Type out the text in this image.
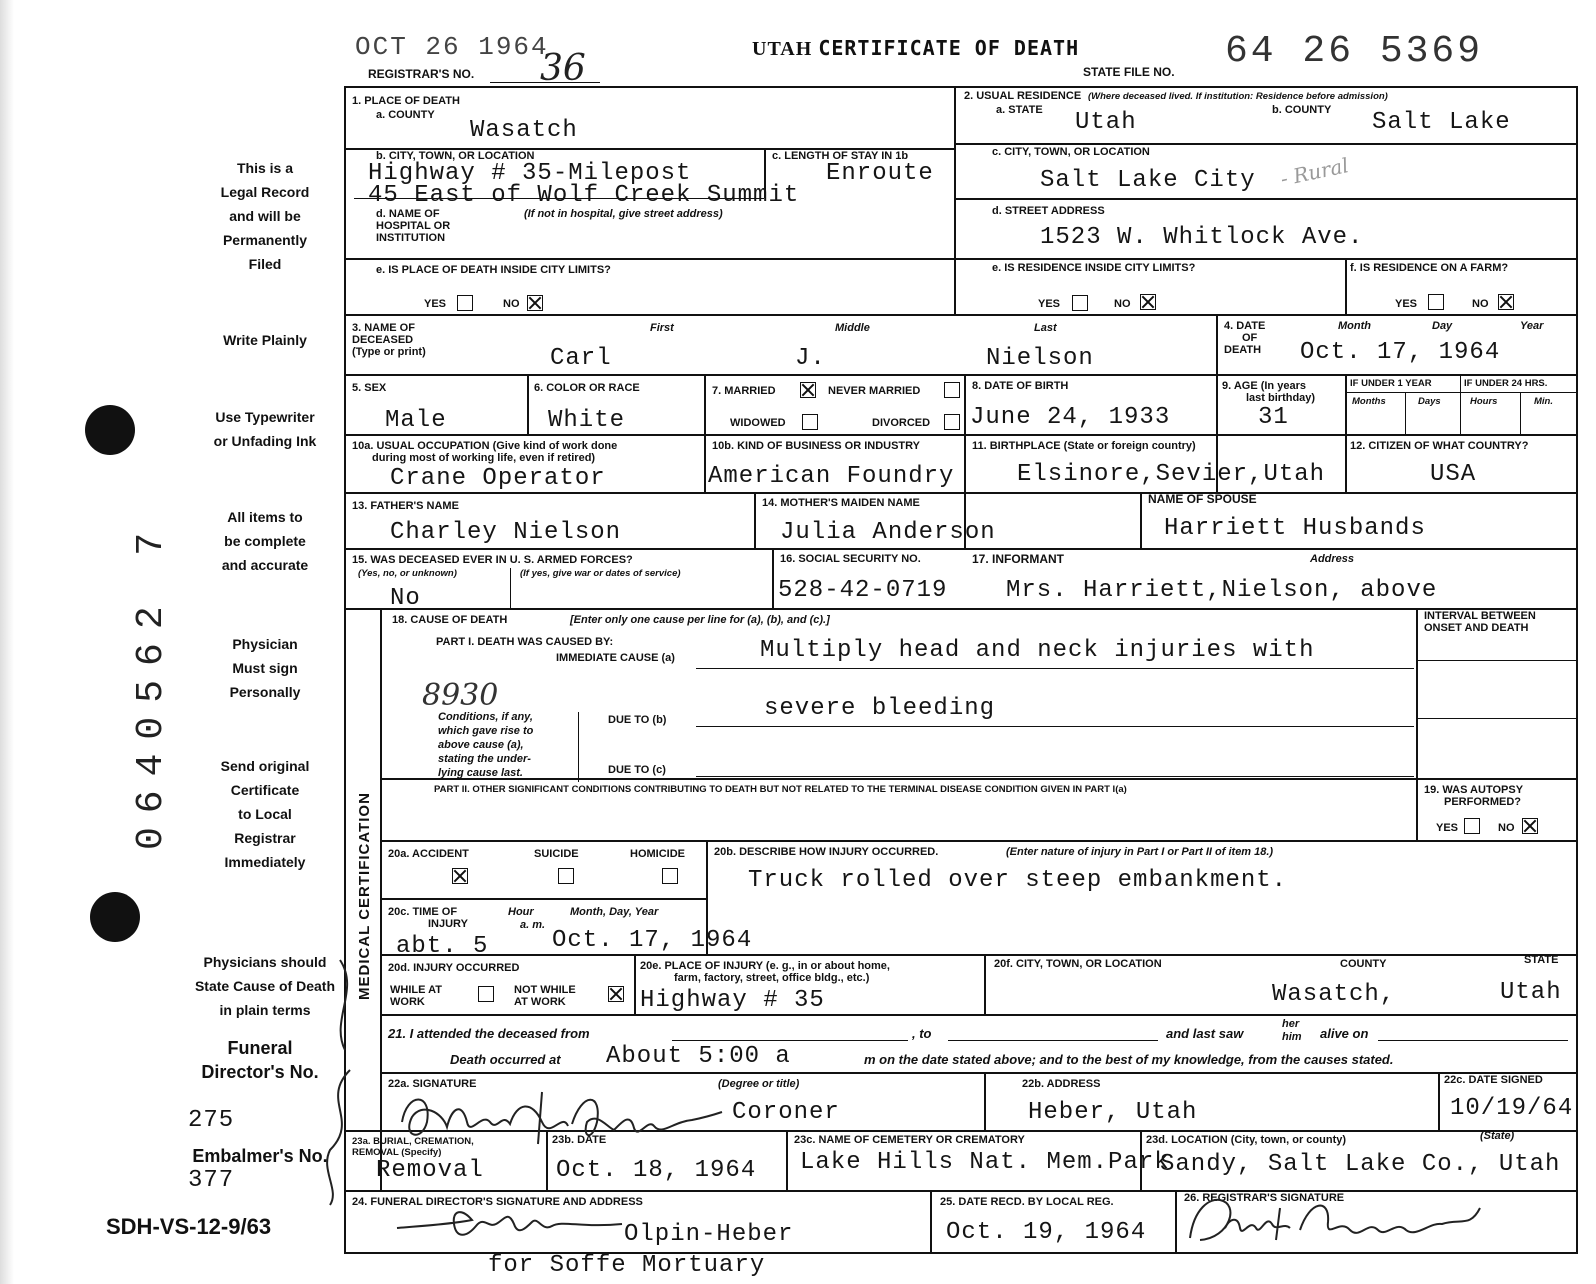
OCT 26 1964
REGISTRAR'S NO. 36	UTAH CERTIFICATE OF DEATH
STATE FILE NO. 64 26 5369
This is a
Legal Record
and will be
Permanently
Filed
Write Plainly
Use Typewriter
or Unfading Ink
All items to
be complete
and accurate
Physician
Must sign
Personally
Send original
Certificate
to Local
Registrar
Immediately
Physicians should
State Cause of Death
in plain terms
Funeral
Director's No.
275
Embalmer's No.
377
SDH-VS-12-9/63
0640562 7
MEDICAL CERTIFICATION
1. PLACE OF DEATH
a. COUNTY
Wasatch
b. CITY, TOWN, OR LOCATION
Highway # 35-Milepost
45 East of Wolf Creek Summit
c. LENGTH OF STAY IN 1b
Enroute
d. NAME OF
HOSPITAL OR
INSTITUTION
(If not in hospital, give street address)
e. IS PLACE OF DEATH INSIDE CITY LIMITS?
YES	NO
2. USUAL RESIDENCE (Where deceased lived. If institution: Residence before admission)
a. STATE Utah	b. COUNTY Salt Lake
c. CITY, TOWN, OR LOCATION
Salt Lake City - Rural
d. STREET ADDRESS
1523 W. Whitlock Ave.
e. IS RESIDENCE INSIDE CITY LIMITS?
YES	NO
f. IS RESIDENCE ON A FARM?
YES	NO
3. NAME OF
DECEASED
(Type or print)
First	Middle	Last
Carl	J.	Nielson
4. DATE
OF
DEATH
Month	Day	Year
Oct. 17, 1964
5. SEX
Male
6. COLOR OR RACE
White
7. MARRIED	NEVER MARRIED
WIDOWED	DIVORCED
8. DATE OF BIRTH
June 24, 1933
9. AGE (In years
last birthday)
31
IF UNDER 1 YEAR	IF UNDER 24 HRS.
Months	Days	Hours	Min.
10a. USUAL OCCUPATION (Give kind of work done
during most of working life, even if retired)
Crane Operator
10b. KIND OF BUSINESS OR INDUSTRY
American Foundry
11. BIRTHPLACE (State or foreign country)
Elsinore,Sevier,Utah
12. CITIZEN OF WHAT COUNTRY?
USA
13. FATHER'S NAME
Charley Nielson
14. MOTHER'S MAIDEN NAME
Julia Anderson
NAME OF SPOUSE
Harriett Husbands
15. WAS DECEASED EVER IN U. S. ARMED FORCES?
(Yes, no, or unknown)	(If yes, give war or dates of service)
No
16. SOCIAL SECURITY NO.
528-42-0719
17. INFORMANT	Address
Mrs. Harriett,Nielson, above
18. CAUSE OF DEATH	[Enter only one cause per line for (a), (b), and (c).]
PART I. DEATH WAS CAUSED BY:
IMMEDIATE CAUSE (a)	Multiply head and neck injuries with
8930
Conditions, if any,
which gave rise to
above cause (a),
stating the under-
lying cause last.
DUE TO (b)	severe bleeding
DUE TO (c)
PART II. OTHER SIGNIFICANT CONDITIONS CONTRIBUTING TO DEATH BUT NOT RELATED TO THE TERMINAL DISEASE CONDITION GIVEN IN PART I(a)
INTERVAL BETWEEN
ONSET AND DEATH
19. WAS AUTOPSY
PERFORMED?
YES	NO
20a. ACCIDENT	SUICIDE	HOMICIDE	20b. DESCRIBE HOW INJURY OCCURRED.	(Enter nature of injury in Part I or Part II of item 18.)
Truck rolled over steep embankment.
20c. TIME OF
INJURY
Hour
a. m.
Month, Day, Year
abt. 5	Oct. 17, 1964
20d. INJURY OCCURRED
WHILE AT
WORK
NOT WHILE
AT WORK
20e. PLACE OF INJURY (e. g., in or about home,
farm, factory, street, office bldg., etc.)
Highway # 35
20f. CITY, TOWN, OR LOCATION	COUNTY	STATE
Wasatch,	Utah
21. I attended the deceased from	, to	and last saw
her
him alive on
Death occurred at About 5:00 a	m on the date stated above; and to the best of my knowledge, from the causes stated.
22a. SIGNATURE	(Degree or title)
Coroner
22b. ADDRESS
Heber, Utah
22c. DATE SIGNED
10/19/64
23a. BURIAL, CREMATION,
REMOVAL (Specify)
Removal
23b. DATE
Oct. 18, 1964
23c. NAME OF CEMETERY OR CREMATORY
Lake Hills Nat. Mem.Park
23d. LOCATION (City, town, or county)	(State)
Sandy, Salt Lake Co., Utah
24. FUNERAL DIRECTOR'S SIGNATURE AND ADDRESS
Olpin-Heber
for Soffe Mortuary
25. DATE RECD. BY LOCAL REG.
Oct. 19, 1964
26. REGISTRAR'S SIGNATURE
